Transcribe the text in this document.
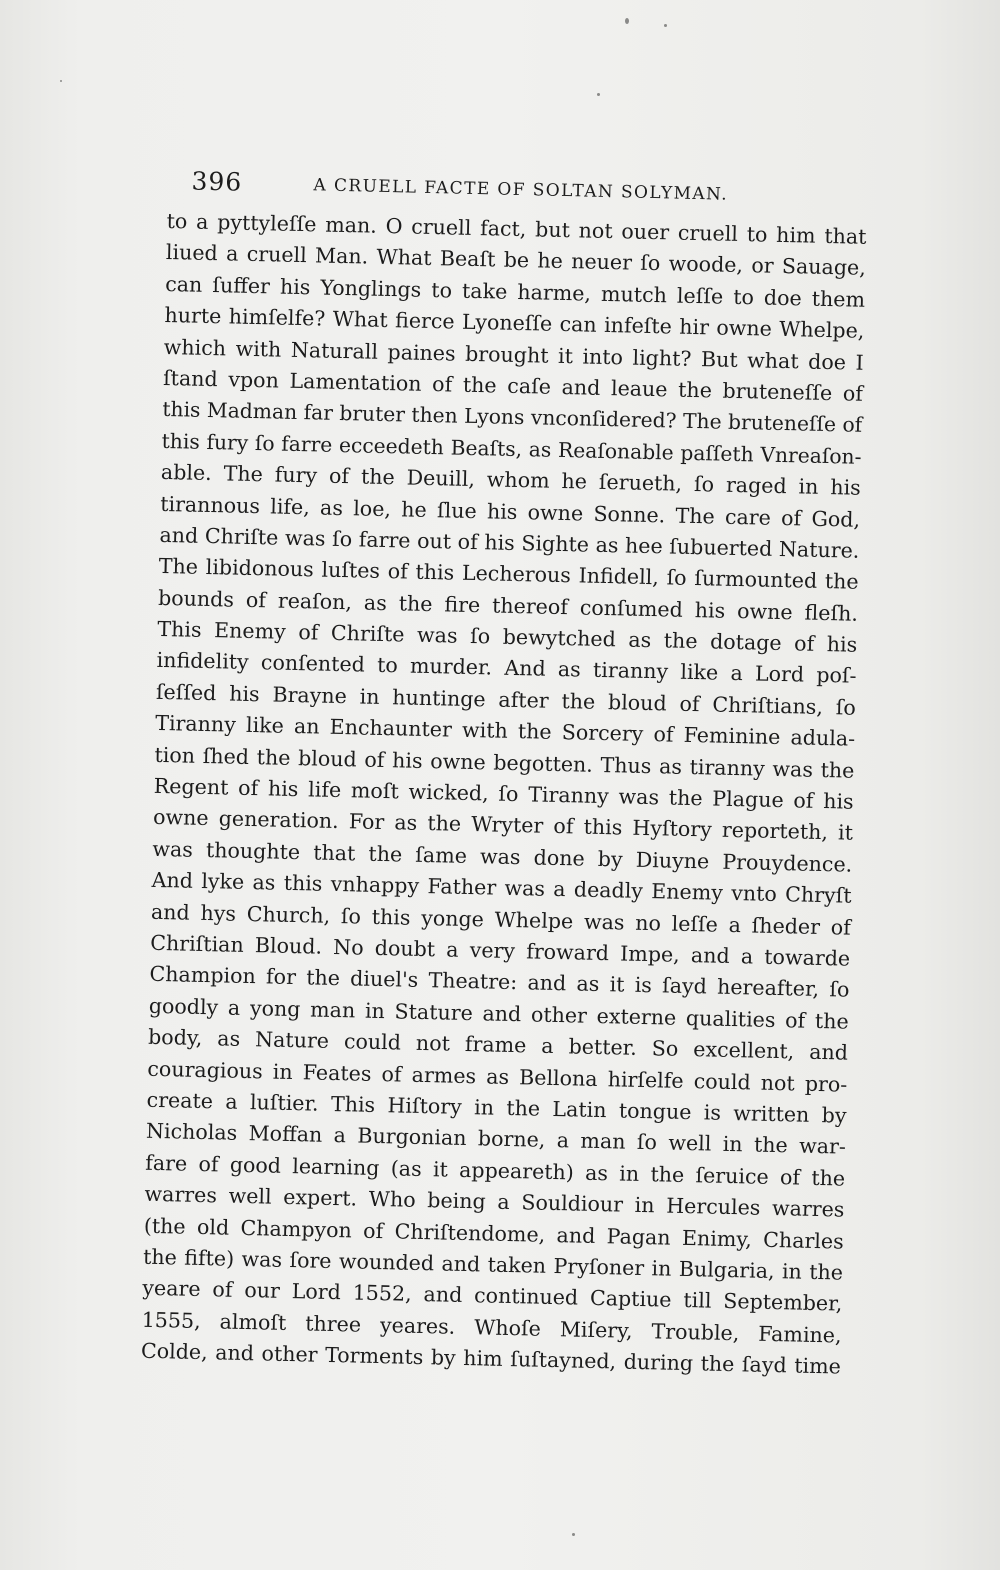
396	A CRUELL FACTE OF SOLTAN SOLYMAN.
to a pyttyleſſe man. O cruell fact, but not ouer cruell to him that
liued a cruell Man. What Beaſt be he neuer ſo woode, or Sauage,
can ſuffer his Yonglings to take harme, mutch leſſe to doe them
hurte himſelfe? What fierce Lyoneſſe can infeſte hir owne Whelpe,
which with Naturall paines brought it into light? But what doe I
ſtand vpon Lamentation of the caſe and leaue the bruteneſſe of
this Madman far bruter then Lyons vnconſidered? The bruteneſſe of
this fury ſo farre ecceedeth Beaſts, as Reaſonable paſſeth Vnreaſon-
able. The fury of the Deuill, whom he ſerueth, ſo raged in his
tirannous life, as loe, he ſlue his owne Sonne. The care of God,
and Chriſte was ſo farre out of his Sighte as hee ſubuerted Nature.
The libidonous luſtes of this Lecherous Infidell, ſo ſurmounted the
bounds of reaſon, as the fire thereof conſumed his owne fleſh.
This Enemy of Chriſte was ſo bewytched as the dotage of his
infidelity conſented to murder. And as tiranny like a Lord poſ-
ſeſſed his Brayne in huntinge after the bloud of Chriſtians, ſo
Tiranny like an Enchaunter with the Sorcery of Feminine adula-
tion ſhed the bloud of his owne begotten. Thus as tiranny was the
Regent of his life moſt wicked, ſo Tiranny was the Plague of his
owne generation. For as the Wryter of this Hyſtory reporteth, it
was thoughte that the ſame was done by Diuyne Prouydence.
And lyke as this vnhappy Father was a deadly Enemy vnto Chryſt
and hys Church, ſo this yonge Whelpe was no leſſe a ſheder of
Chriſtian Bloud. No doubt a very froward Impe, and a towarde
Champion for the diuel's Theatre: and as it is ſayd hereafter, ſo
goodly a yong man in Stature and other externe qualities of the
body, as Nature could not frame a better. So excellent, and
couragious in Feates of armes as Bellona hirſelfe could not pro-
create a luſtier. This Hiſtory in the Latin tongue is written by
Nicholas Moffan a Burgonian borne, a man ſo well in the war-
fare of good learning (as it appeareth) as in the ſeruice of the
warres well expert. Who being a Souldiour in Hercules warres
(the old Champyon of Chriſtendome, and Pagan Enimy, Charles
the fifte) was ſore wounded and taken Pryſoner in Bulgaria, in the
yeare of our Lord 1552, and continued Captiue till September,
1555, almoſt three yeares. Whoſe Miſery, Trouble, Famine,
Colde, and other Torments by him ſuſtayned, during the ſayd time
